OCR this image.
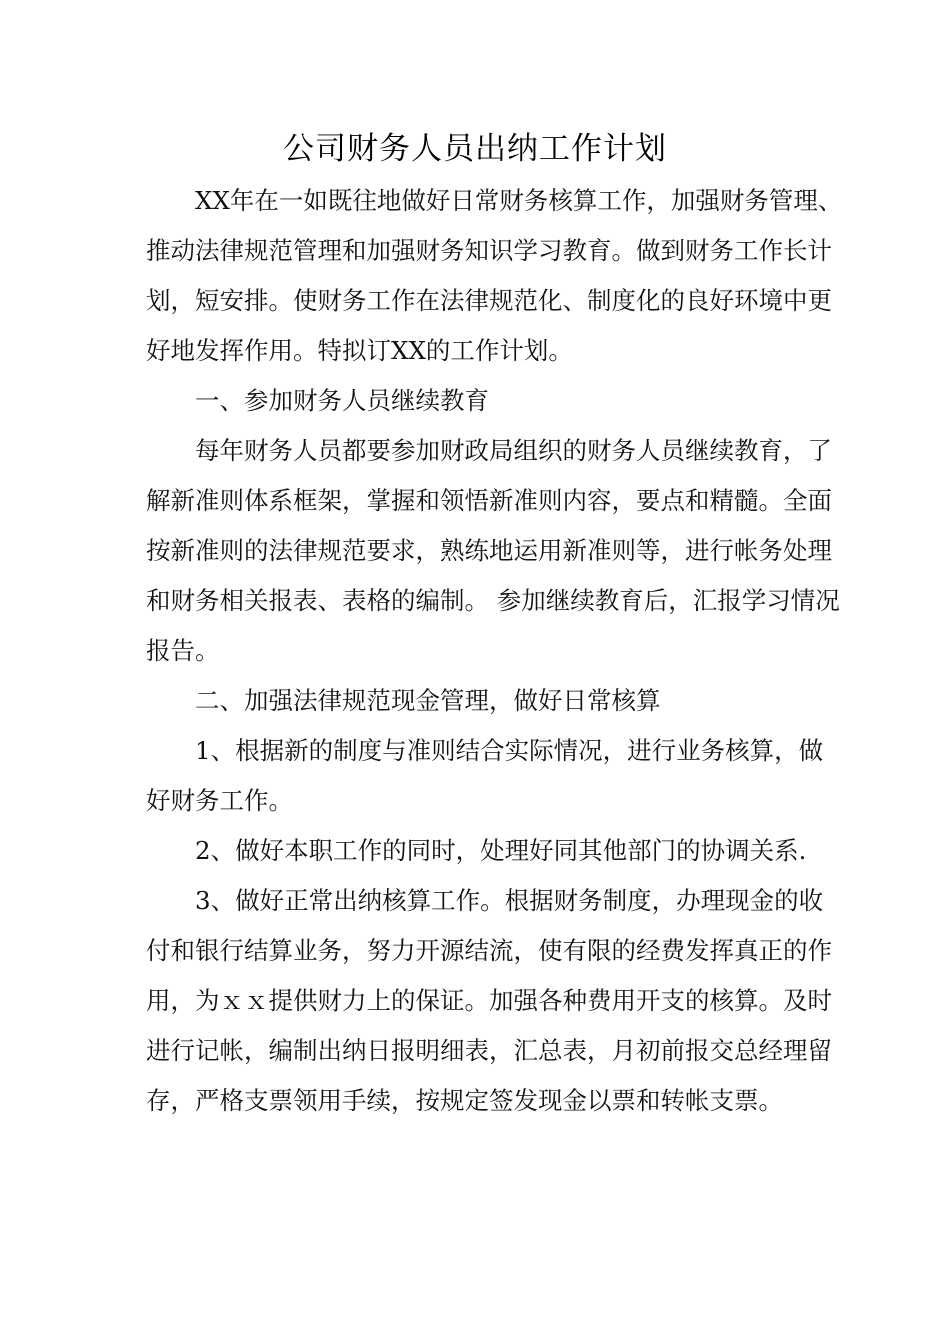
公司财务人员出纳工作计划

XX年在一如既往地做好日常财务核算工作，加强财务管理、推动法律规范管理和加强财务知识学习教育。做到财务工作长计划，短安排。使财务工作在法律规范化、制度化的良好环境中更好地发挥作用。特拟订XX的工作计划。

一、参加财务人员继续教育

每年财务人员都要参加财政局组织的财务人员继续教育，了解新准则体系框架，掌握和领悟新准则内容，要点和精髓。全面按新准则的法律规范要求，熟练地运用新准则等，进行帐务处理和财务相关报表、表格的编制。 参加继续教育后，汇报学习情况报告。

二、加强法律规范现金管理，做好日常核算

1、根据新的制度与准则结合实际情况，进行业务核算，做好财务工作。

2、做好本职工作的同时，处理好同其他部门的协调关系.

3、做好正常出纳核算工作。根据财务制度，办理现金的收付和银行结算业务，努力开源结流，使有限的经费发挥真正的作用，为ｘｘ提供财力上的保证。加强各种费用开支的核算。及时进行记帐，编制出纳日报明细表，汇总表，月初前报交总经理留存，严格支票领用手续，按规定签发现金以票和转帐支票。
